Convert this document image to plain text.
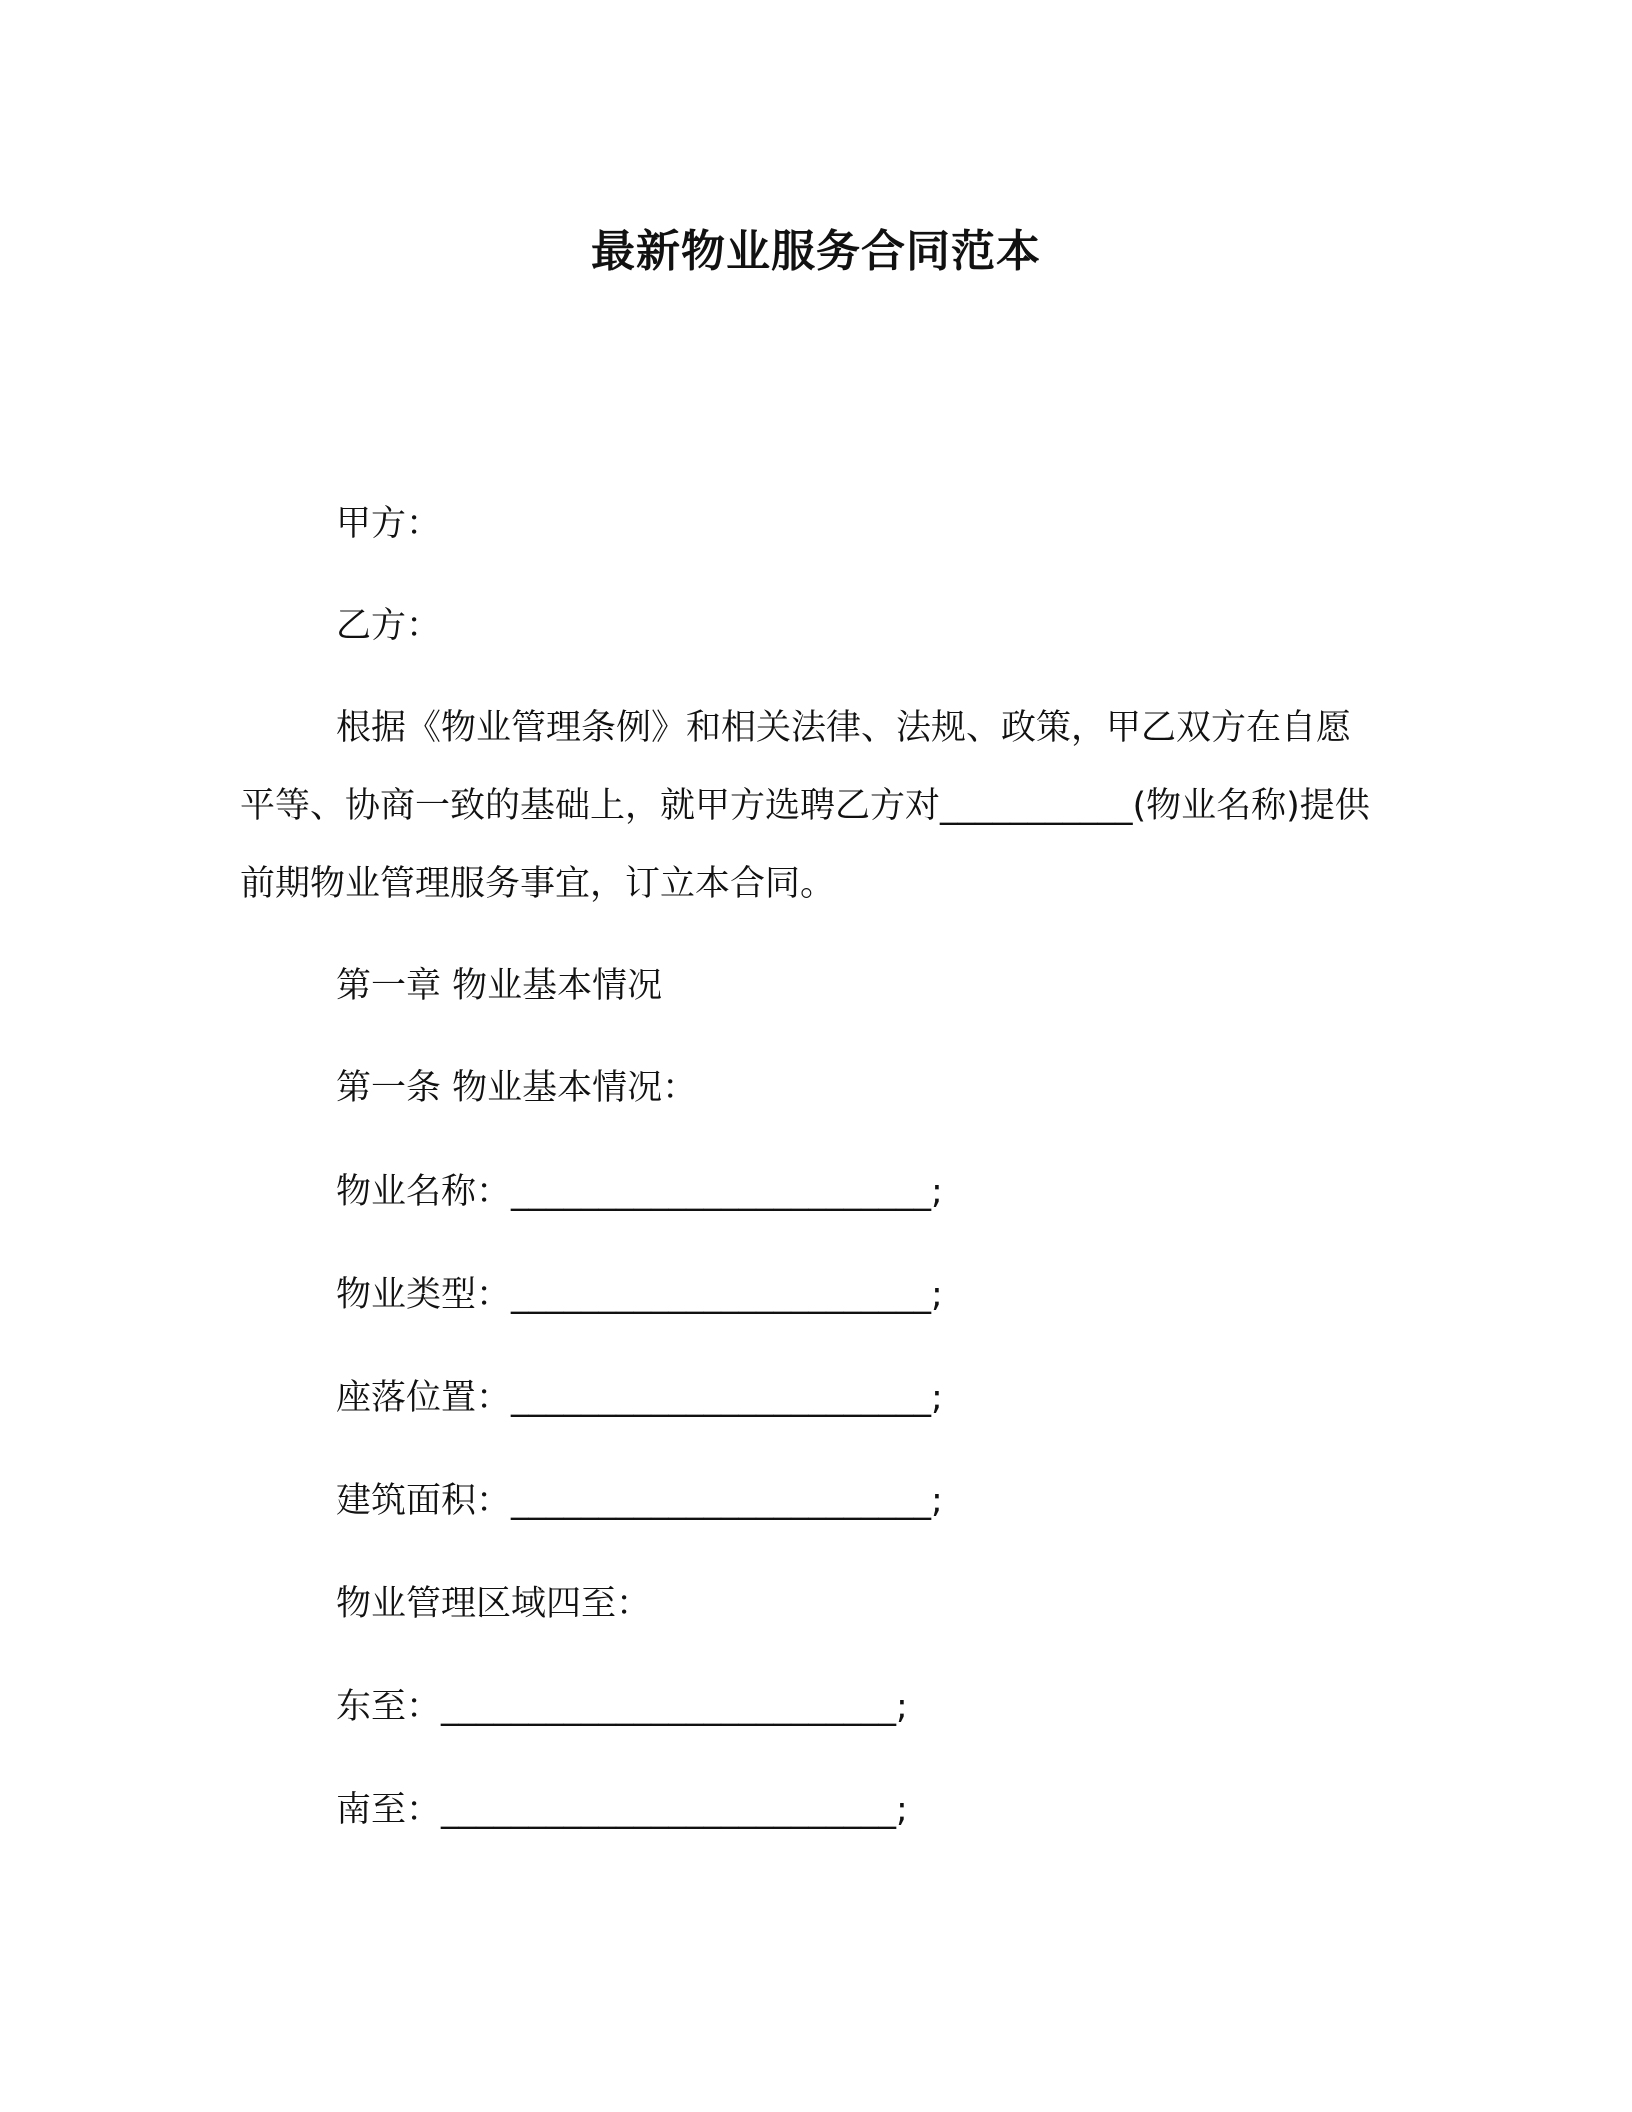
最新物业服务合同范本
甲方：
乙方：
根据《物业管理条例》和相关法律、法规、政策，甲乙双方在自愿平等、协商一致的基础上，就甲方选聘乙方对___________(物业名称)提供前期物业管理服务事宜，订立本合同。
第一章 物业基本情况
第一条 物业基本情况：
物业名称：________________________;
物业类型：________________________;
座落位置：________________________;
建筑面积：________________________;
物业管理区域四至：
东至：__________________________;
南至：__________________________;
